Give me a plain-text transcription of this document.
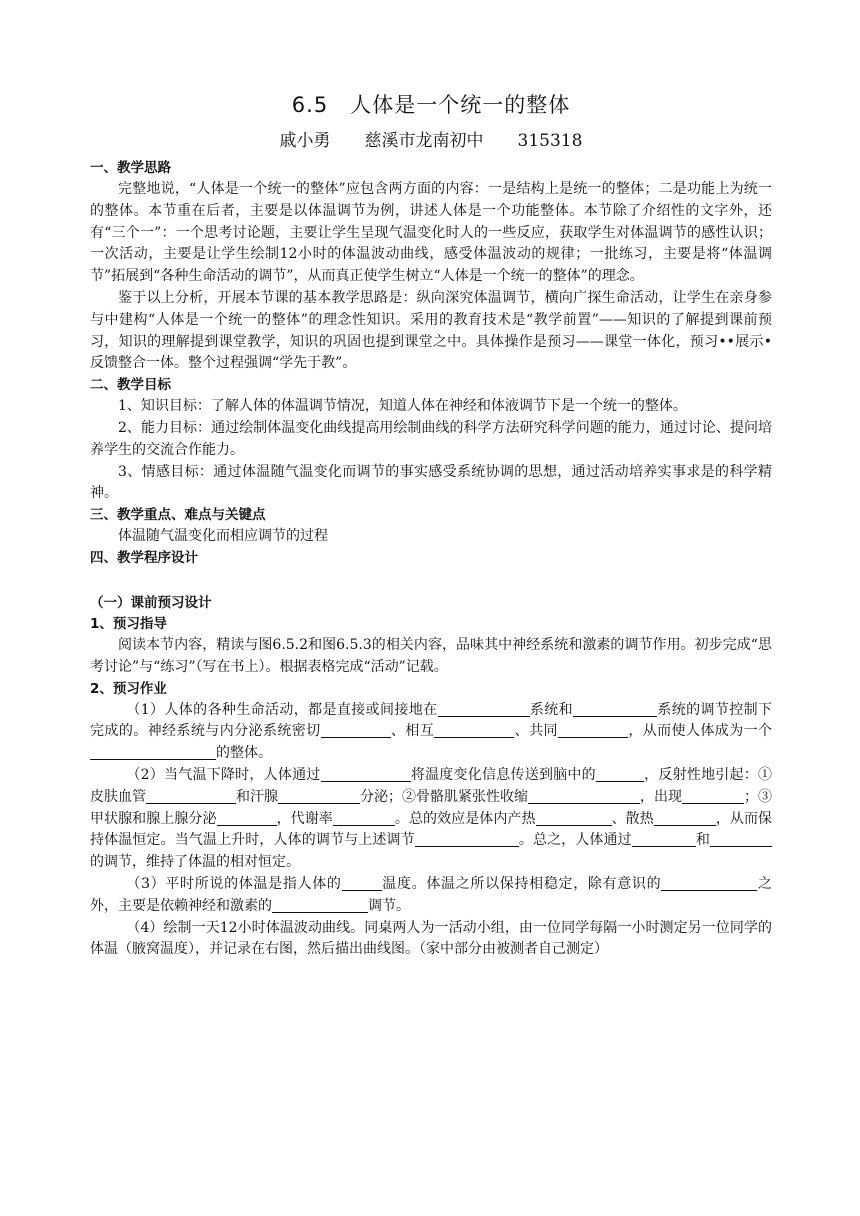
6.5　人体是一个统一的整体
戚小勇　　慈溪市龙南初中　　315318
一、教学思路

完整地说，“人体是一个统一的整体”应包含两方面的内容：一是结构上是统一的整体；二是功能上为统一的整体。本节重在后者，主要是以体温调节为例，讲述人体是一个功能整体。本节除了介绍性的文字外，还有“三个一”：一个思考讨论题，主要让学生呈现气温变化时人的一些反应，获取学生对体温调节的感性认识；一次活动，主要是让学生绘制12小时的体温波动曲线，感受体温波动的规律；一批练习，主要是将“体温调节”拓展到“各种生命活动的调节”，从而真正使学生树立“人体是一个统一的整体”的理念。

鉴于以上分析，开展本节课的基本教学思路是：纵向深究体温调节，横向广探生命活动，让学生在亲身参与中建构“人体是一个统一的整体”的理念性知识。采用的教育技术是“教学前置”——知识的了解提到课前预习，知识的理解提到课堂教学，知识的巩固也提到课堂之中。具体操作是预习——课堂一体化，预习••展示•反馈整合一体。整个过程强调“学先于教”。

二、教学目标

1、知识目标：了解人体的体温调节情况，知道人体在神经和体液调节下是一个统一的整体。

2、能力目标：通过绘制体温变化曲线提高用绘制曲线的科学方法研究科学问题的能力，通过讨论、提问培养学生的交流合作能力。

3、情感目标：通过体温随气温变化而调节的事实感受系统协调的思想，通过活动培养实事求是的科学精神。

三、教学重点、难点与关键点

体温随气温变化而相应调节的过程

四、教学程序设计
（一）课前预习设计
1、预习指导

阅读本节内容，精读与图6.5.2和图6.5.3的相关内容，品味其中神经系统和激素的调节作用。初步完成“思考讨论”与“练习”（写在书上）。根据表格完成“活动”记载。

2、预习作业

（1）人体的各种生命活动，都是直接或间接地在	系统和	系统的调节控制下完成的。神经系统与内分泌系统密切	、相互	、共同	，从而使人体成为一个的整体。

（2）当气温下降时，人体通过	将温度变化信息传送到脑中的	，反射性地引起：①皮肤血管	和汗腺	分泌；②骨骼肌紧张性收缩	，出现	；③甲状腺和腺上腺分泌	，代谢率	。总的效应是体内产热	、散热	，从而保持体温恒定。当气温上升时，人体的调节与上述调节	。总之，人体通过	和的调节，维持了体温的相对恒定。

（3）平时所说的体温是指人体的	温度。体温之所以保持相稳定，除有意识的	之外，主要是依赖神经和激素的	调节。

（4）绘制一天12小时体温波动曲线。同桌两人为一活动小组，由一位同学每隔一小时测定另一位同学的体温（腋窝温度），并记录在右图，然后描出曲线图。（家中部分由被测者自己测定）
